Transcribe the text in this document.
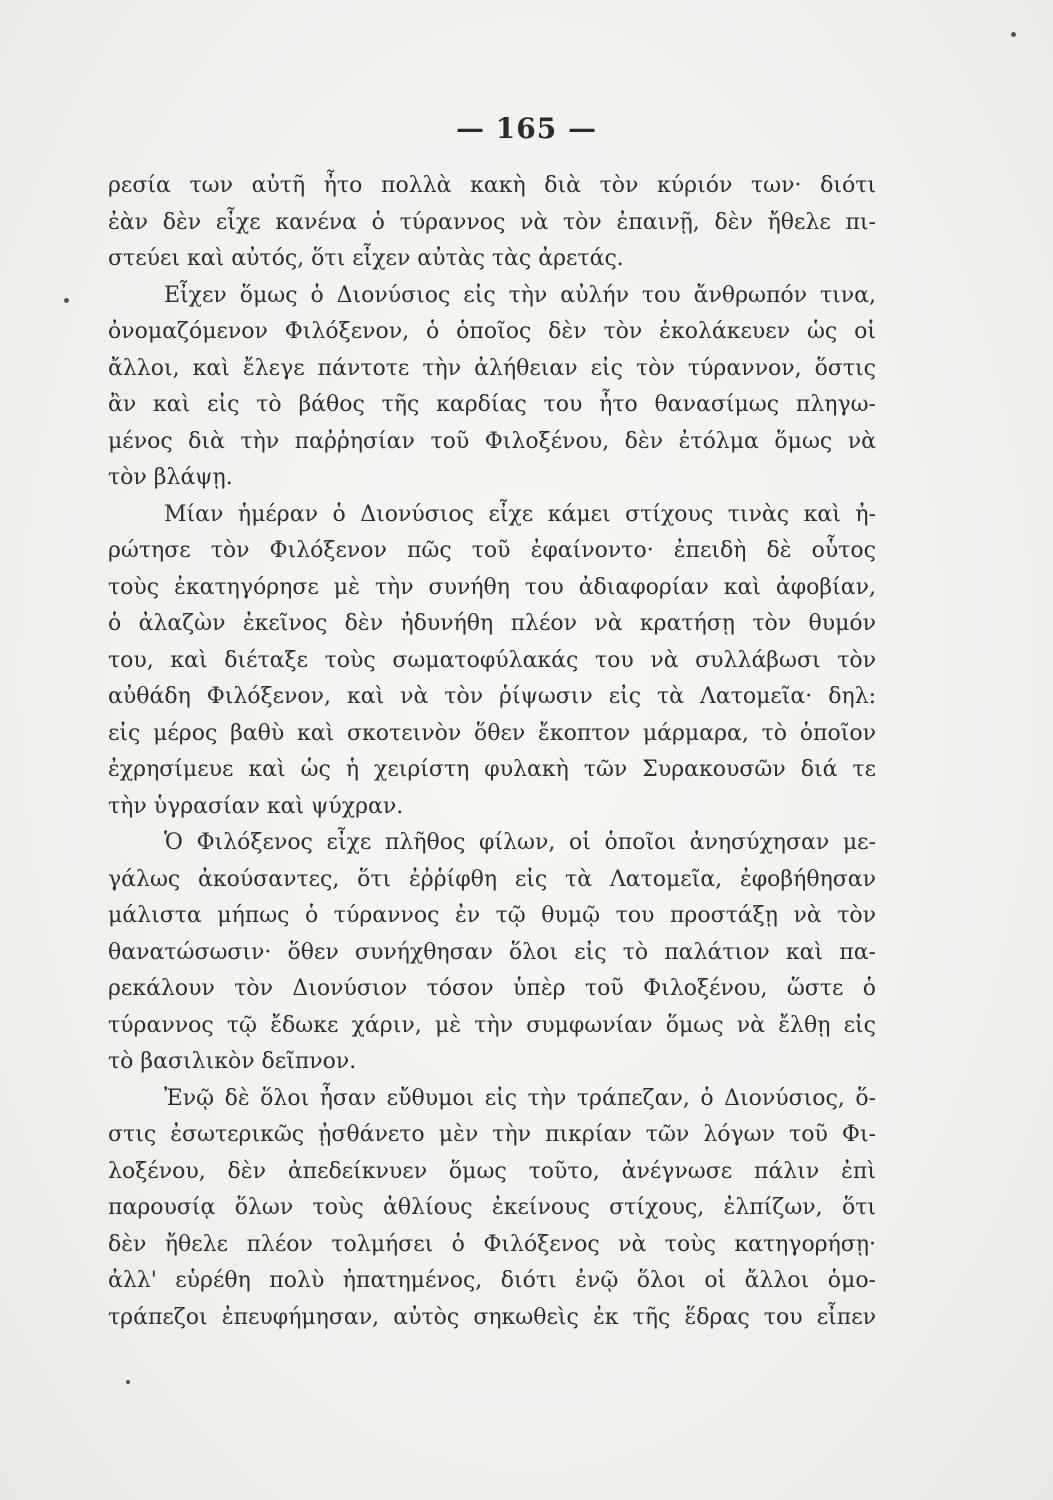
— 165 —
ρεσία των αὐτῆ ἦτο πολλὰ κακὴ διὰ τὸν κύριόν των· διότι
ἐὰν δὲν εἶχε κανένα ὁ τύραννος νὰ τὸν ἐπαινῇ, δὲν ἤθελε πι-
στεύει καὶ αὐτός, ὅτι εἶχεν αὐτὰς τὰς ἀρετάς.
Εἶχεν ὅμως ὁ Διονύσιος εἰς τὴν αὐλήν του ἄνθρωπόν τινα,
ὀνομαζόμενον Φιλόξενον, ὁ ὁποῖος δὲν τὸν ἐκολάκευεν ὡς οἱ
ἄλλοι, καὶ ἔλεγε πάντοτε τὴν ἀλήθειαν εἰς τὸν τύραννον, ὅστις
ἂν καὶ εἰς τὸ βάθος τῆς καρδίας του ἦτο θανασίμως πληγω-
μένος διὰ τὴν παῤῥησίαν τοῦ Φιλοξένου, δὲν ἐτόλμα ὅμως νὰ
τὸν βλάψῃ.
Μίαν ἡμέραν ὁ Διονύσιος εἶχε κάμει στίχους τινὰς καὶ ἠ-
ρώτησε τὸν Φιλόξενον πῶς τοῦ ἐφαίνοντο· ἐπειδὴ δὲ οὗτος
τοὺς ἐκατηγόρησε μὲ τὴν συνήθη του ἀδιαφορίαν καὶ ἀφοβίαν,
ὁ ἀλαζὼν ἐκεῖνος δὲν ἠδυνήθη πλέον νὰ κρατήσῃ τὸν θυμόν
του, καὶ διέταξε τοὺς σωματοφύλακάς του νὰ συλλάβωσι τὸν
αὐθάδη Φιλόξενον, καὶ νὰ τὸν ῥίψωσιν εἰς τὰ Λατομεῖα· δηλ:
εἰς μέρος βαθὺ καὶ σκοτεινὸν ὅθεν ἔκοπτον μάρμαρα, τὸ ὁποῖον
ἐχρησίμευε καὶ ὡς ἡ χειρίστη φυλακὴ τῶν Συρακουσῶν διά τε
τὴν ὑγρασίαν καὶ ψύχραν.
Ὁ Φιλόξενος εἶχε πλῆθος φίλων, οἱ ὁποῖοι ἀνησύχησαν με-
γάλως ἀκούσαντες, ὅτι ἐῤῥίφθη εἰς τὰ Λατομεῖα, ἐφοβήθησαν
μάλιστα μήπως ὁ τύραννος ἐν τῷ θυμῷ του προστάξῃ νὰ τὸν
θανατώσωσιν· ὅθεν συνήχθησαν ὅλοι εἰς τὸ παλάτιον καὶ πα-
ρεκάλουν τὸν Διονύσιον τόσον ὑπὲρ τοῦ Φιλοξένου, ὥστε ὁ
τύραννος τῷ ἔδωκε χάριν, μὲ τὴν συμφωνίαν ὅμως νὰ ἔλθῃ εἰς
τὸ βασιλικὸν δεῖπνον.
Ἐνῷ δὲ ὅλοι ἦσαν εὔθυμοι εἰς τὴν τράπεζαν, ὁ Διονύσιος, ὅ-
στις ἐσωτερικῶς ᾐσθάνετο μὲν τὴν πικρίαν τῶν λόγων τοῦ Φι-
λοξένου, δὲν ἀπεδείκνυεν ὅμως τοῦτο, ἀνέγνωσε πάλιν ἐπὶ
παρουσίᾳ ὅλων τοὺς ἀθλίους ἐκείνους στίχους, ἐλπίζων, ὅτι
δὲν ἤθελε πλέον τολμήσει ὁ Φιλόξενος νὰ τοὺς κατηγορήσῃ·
ἀλλ' εὑρέθη πολὺ ἠπατημένος, διότι ἐνῷ ὅλοι οἱ ἄλλοι ὁμο-
τράπεζοι ἐπευφήμησαν, αὐτὸς σηκωθεὶς ἐκ τῆς ἕδρας του εἶπεν
